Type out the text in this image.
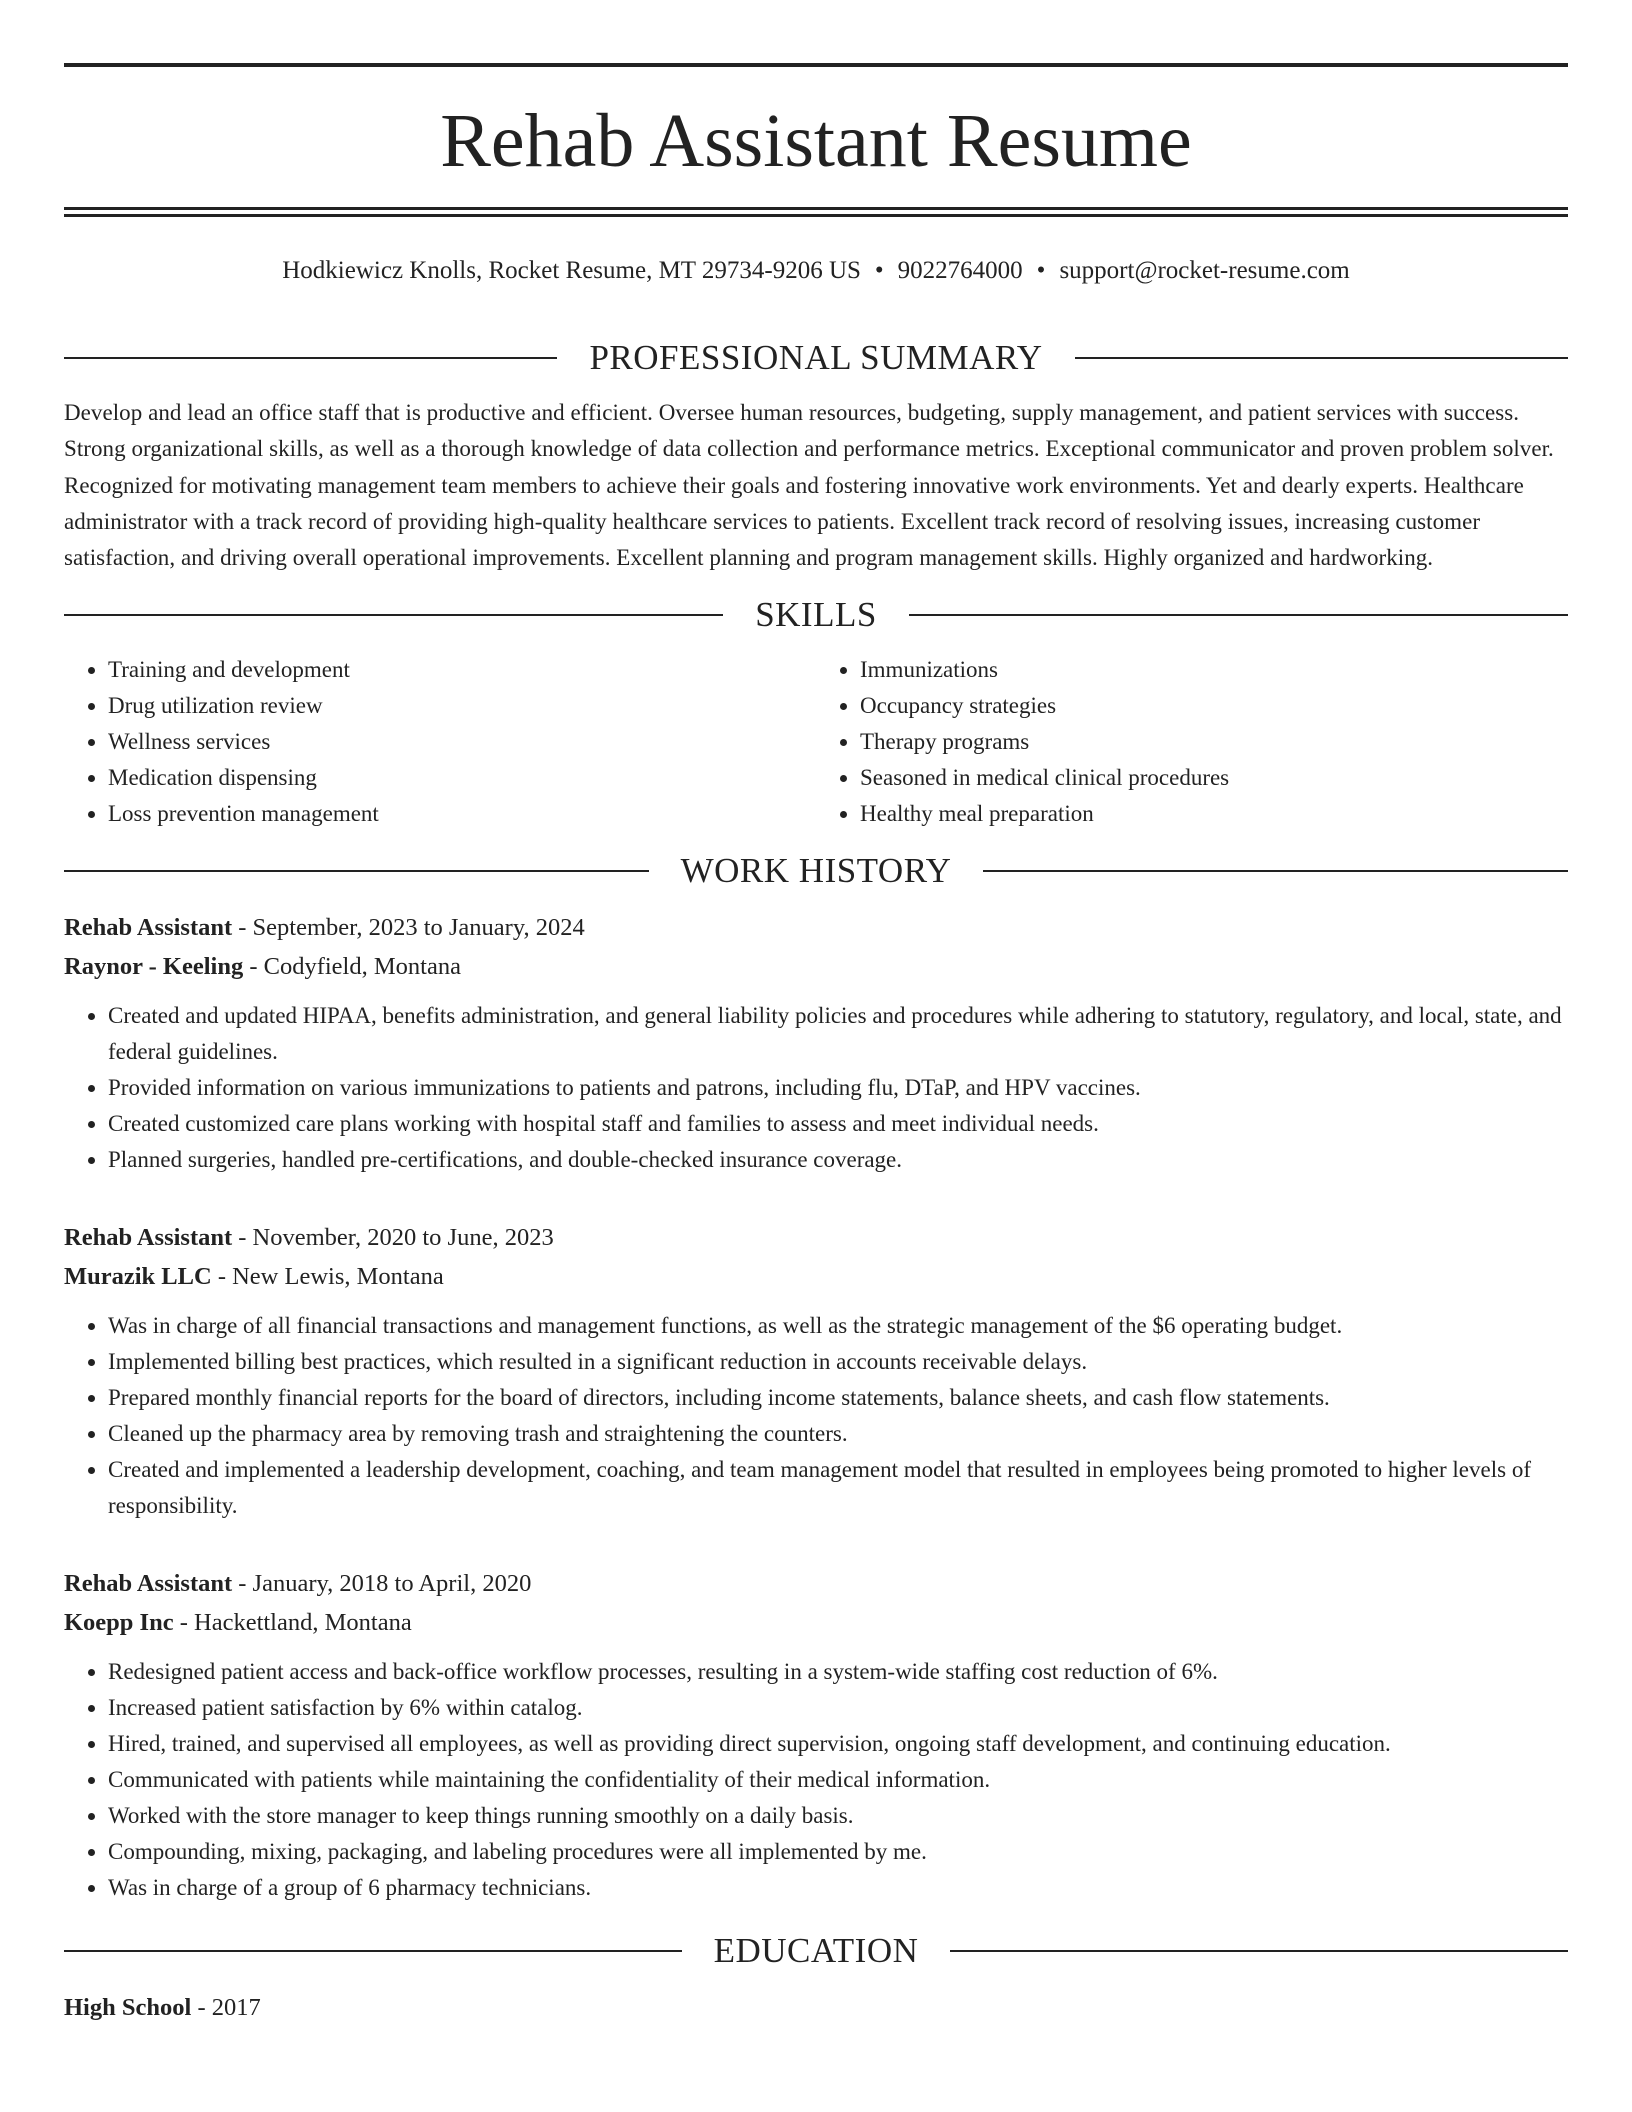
Rehab Assistant Resume
Hodkiewicz Knolls, Rocket Resume, MT 29734-9206 US • 9022764000 • support@rocket-resume.com
PROFESSIONAL SUMMARY
Develop and lead an office staff that is productive and efficient. Oversee human resources, budgeting, supply management, and patient services with success. Strong organizational skills, as well as a thorough knowledge of data collection and performance metrics. Exceptional communicator and proven problem solver. Recognized for motivating management team members to achieve their goals and fostering innovative work environments. Yet and dearly experts. Healthcare administrator with a track record of providing high-quality healthcare services to patients. Excellent track record of resolving issues, increasing customer satisfaction, and driving overall operational improvements. Excellent planning and program management skills. Highly organized and hardworking.
SKILLS
• Training and development
• Drug utilization review
• Wellness services
• Medication dispensing
• Loss prevention management
• Immunizations
• Occupancy strategies
• Therapy programs
• Seasoned in medical clinical procedures
• Healthy meal preparation
WORK HISTORY
Rehab Assistant - September, 2023 to January, 2024
Raynor - Keeling - Codyfield, Montana
• Created and updated HIPAA, benefits administration, and general liability policies and procedures while adhering to statutory, regulatory, and local, state, and federal guidelines.
• Provided information on various immunizations to patients and patrons, including flu, DTaP, and HPV vaccines.
• Created customized care plans working with hospital staff and families to assess and meet individual needs.
• Planned surgeries, handled pre-certifications, and double-checked insurance coverage.
Rehab Assistant - November, 2020 to June, 2023
Murazik LLC - New Lewis, Montana
• Was in charge of all financial transactions and management functions, as well as the strategic management of the $6 operating budget.
• Implemented billing best practices, which resulted in a significant reduction in accounts receivable delays.
• Prepared monthly financial reports for the board of directors, including income statements, balance sheets, and cash flow statements.
• Cleaned up the pharmacy area by removing trash and straightening the counters.
• Created and implemented a leadership development, coaching, and team management model that resulted in employees being promoted to higher levels of responsibility.
Rehab Assistant - January, 2018 to April, 2020
Koepp Inc - Hackettland, Montana
• Redesigned patient access and back-office workflow processes, resulting in a system-wide staffing cost reduction of 6%.
• Increased patient satisfaction by 6% within catalog.
• Hired, trained, and supervised all employees, as well as providing direct supervision, ongoing staff development, and continuing education.
• Communicated with patients while maintaining the confidentiality of their medical information.
• Worked with the store manager to keep things running smoothly on a daily basis.
• Compounding, mixing, packaging, and labeling procedures were all implemented by me.
• Was in charge of a group of 6 pharmacy technicians.
EDUCATION
High School - 2017
